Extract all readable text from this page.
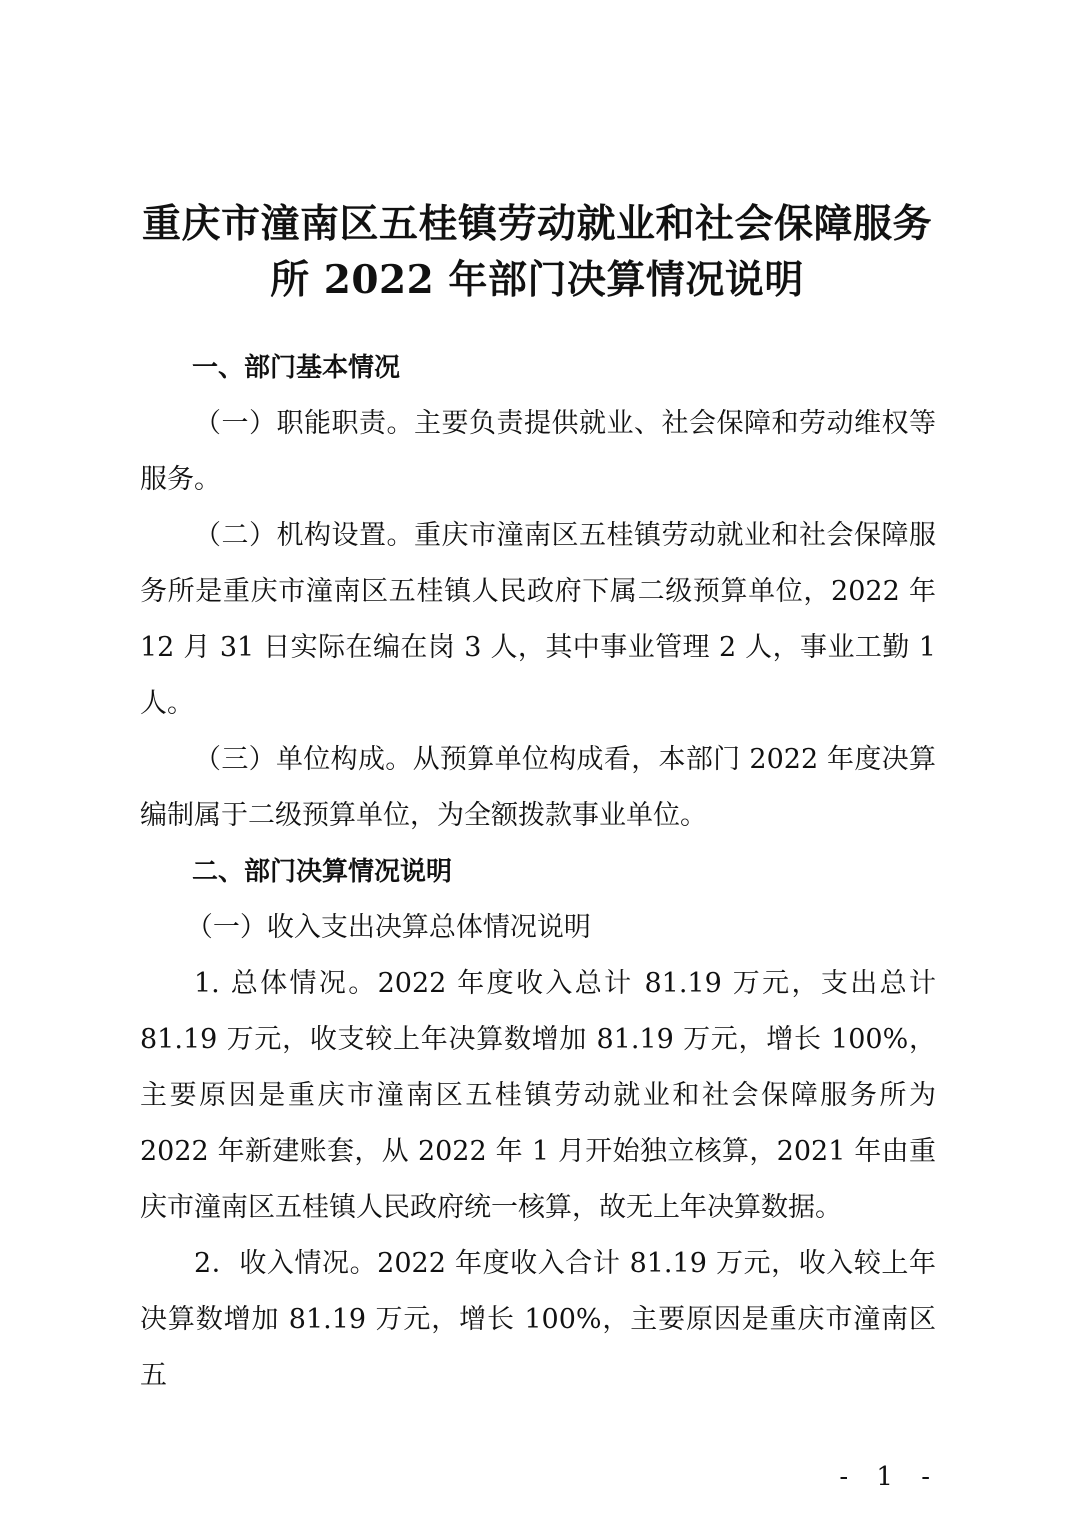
重庆市潼南区五桂镇劳动就业和社会保障服务
所 2022 年部门决算情况说明

一、部门基本情况

（一）职能职责。主要负责提供就业、社会保障和劳动维权等服务。

（二）机构设置。重庆市潼南区五桂镇劳动就业和社会保障服务所是重庆市潼南区五桂镇人民政府下属二级预算单位，2022 年 12 月 31 日实际在编在岗 3 人，其中事业管理 2 人，事业工勤 1 人。

（三）单位构成。从预算单位构成看，本部门 2022 年度决算编制属于二级预算单位，为全额拨款事业单位。

二、部门决算情况说明

（一）收入支出决算总体情况说明

1. 总体情况。2022 年度收入总计 81.19 万元，支出总计 81.19 万元，收支较上年决算数增加 81.19 万元，增长 100%，主要原因是重庆市潼南区五桂镇劳动就业和社会保障服务所为 2022 年新建账套，从 2022 年 1 月开始独立核算，2021 年由重庆市潼南区五桂镇人民政府统一核算，故无上年决算数据。

2．收入情况。2022 年度收入合计 81.19 万元，收入较上年决算数增加 81.19 万元，增长 100%，主要原因是重庆市潼南区五

- 1 -
